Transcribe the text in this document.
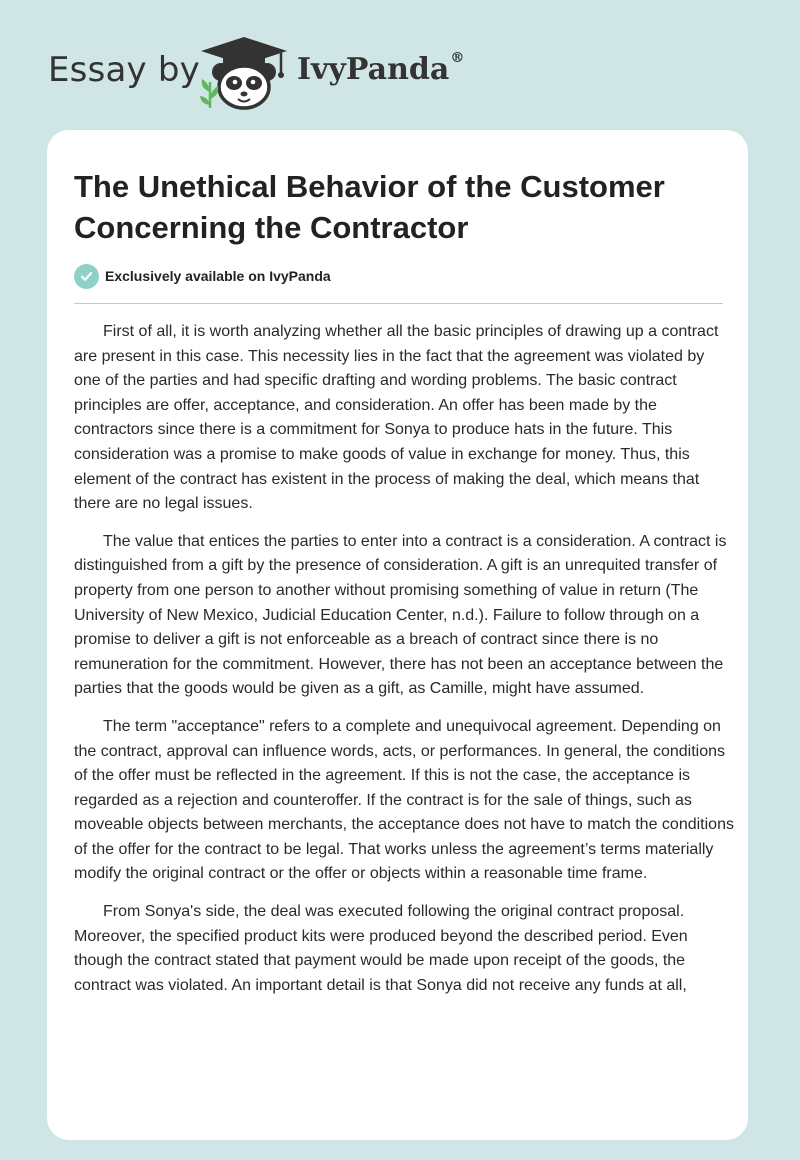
Essay by	IvyPanda®
The Unethical Behavior of the Customer Concerning the Contractor
Exclusively available on IvyPanda

First of all, it is worth analyzing whether all the basic principles of drawing up a contract are present in this case. This necessity lies in the fact that the agreement was violated by one of the parties and had specific drafting and wording problems. The basic contract principles are offer, acceptance, and consideration. An offer has been made by the contractors since there is a commitment for Sonya to produce hats in the future. This consideration was a promise to make goods of value in exchange for money. Thus, this element of the contract has existent in the process of making the deal, which means that there are no legal issues.

The value that entices the parties to enter into a contract is a consideration. A contract is distinguished from a gift by the presence of consideration. A gift is an unrequited transfer of property from one person to another without promising something of value in return (The University of New Mexico, Judicial Education Center, n.d.). Failure to follow through on a promise to deliver a gift is not enforceable as a breach of contract since there is no remuneration for the commitment. However, there has not been an acceptance between the parties that the goods would be given as a gift, as Camille, might have assumed.

The term "acceptance" refers to a complete and unequivocal agreement. Depending on the contract, approval can influence words, acts, or performances. In general, the conditions of the offer must be reflected in the agreement. If this is not the case, the acceptance is regarded as a rejection and counteroffer. If the contract is for the sale of things, such as moveable objects between merchants, the acceptance does not have to match the conditions of the offer for the contract to be legal. That works unless the agreement’s terms materially modify the original contract or the offer or objects within a reasonable time frame.

From Sonya's side, the deal was executed following the original contract proposal. Moreover, the specified product kits were produced beyond the described period. Even though the contract stated that payment would be made upon receipt of the goods, the contract was violated. An important detail is that Sonya did not receive any funds at all,
